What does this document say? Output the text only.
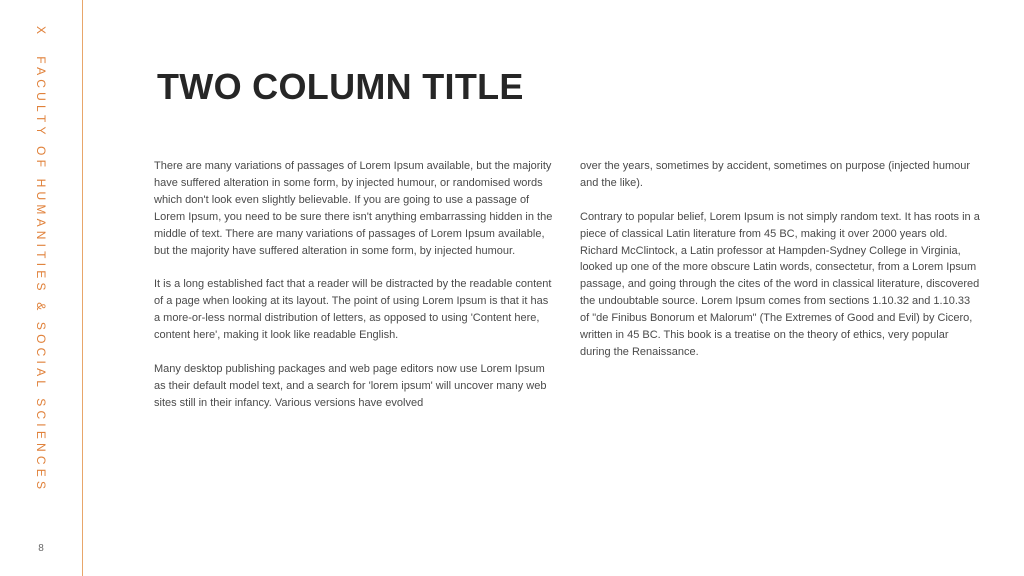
XFACULTY OF HUMANITIES & SOCIAL SCIENCES
8
TWO COLUMN TITLE

There are many variations of passages of Lorem Ipsum available, but the majority have suffered alteration in some form, by injected humour, or randomised words which don't look even slightly believable. If you are going to use a passage of Lorem Ipsum, you need to be sure there isn't anything embarrassing hidden in the middle of text. There are many variations of passages of Lorem Ipsum available, but the majority have suffered alteration in some form, by injected humour.

It is a long established fact that a reader will be distracted by the readable content of a page when looking at its layout. The point of using Lorem Ipsum is that it has a more-or-less normal distribution of letters, as opposed to using 'Content here, content here', making it look like readable English.

Many desktop publishing packages and web page editors now use Lorem Ipsum as their default model text, and a search for 'lorem ipsum' will uncover many web sites still in their infancy. Various versions have evolved

over the years, sometimes by accident, sometimes on purpose (injected humour and the like).

Contrary to popular belief, Lorem Ipsum is not simply random text. It has roots in a piece of classical Latin literature from 45 BC, making it over 2000 years old. Richard McClintock, a Latin professor at Hampden-Sydney College in Virginia, looked up one of the more obscure Latin words, consectetur, from a Lorem Ipsum passage, and going through the cites of the word in classical literature, discovered the undoubtable source. Lorem Ipsum comes from sections 1.10.32 and 1.10.33 of "de Finibus Bonorum et Malorum" (The Extremes of Good and Evil) by Cicero, written in 45 BC. This book is a treatise on the theory of ethics, very popular during the Renaissance.
